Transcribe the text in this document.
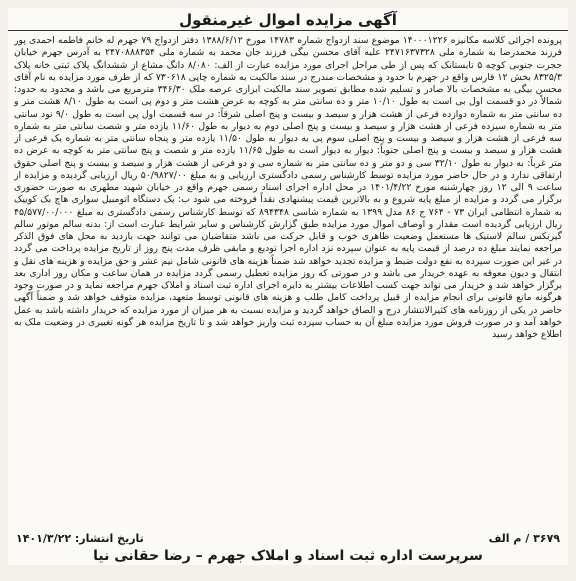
آگهی مزایده اموال غیرمنقول
پرونده اجرائی کلاسه مکانیزه ۱۴۰۰۰۱۲۲۶ موضوع سند ازدواج شماره ۱۴۷۸۳ مورخ ۱۳۸۸/۶/۱۲ دفتر ازدواج ۷۹ جهرم له خانم فاطمه احمدی پور فرزند محمدرضا به شماره ملی ۲۴۷۱۶۳۷۳۲۸ علیه آقای محسن بیگی فرزند جان محمد به شماره ملی ۲۴۷۰۸۸۸۳۵۴ به آدرس جهرم خیابان حجرت جنوبی کوچه ۵ تابستانک که پس از طی مراحل اجرای مورد مزایده عبارت از الف: ۸/۰۸۰ دانگ مشاع از ششدانگ پلاک ثبتی خانه پلاک ۸۳۲۵/۳ بخش ۱۲ فارس واقع در جهرم با حدود و مشخصات مندرج در سند مالکیت به شماره چاپی ۷۳۰۶۱۸ که از طرف مورد مزایده به نام آقای محسن بیگی به مشخصات بالا صادر و تسلیم شده مطابق تصویر سند مالکیت ابرازی عرصه ملک ۳۴۶/۳۰ مترمربع می باشد و محدود به حدود: شمالاً در دو قسمت اول بی است به طول ۱۰/۱۰ متر و ده سانتی متر به کوچه به عرض هشت متر و دوم پی است به طول ۸/۱۰ هشت متر و ده سانتی متر به شماره دوازده فرعی از هشت هزار و سیصد و بیست و پنج اصلی شرقاً: در سه قسمت اول پی است به طول ۹/۰ نود سانتی متر به شماره سیزده فرعی از هشت هزار و سیصد و بیست و پنج اصلی دوم به دیوار به طول ۱۱/۶۰ یازده متر و شصت سانتی متر به شماره سه فرعی از هشت هزار و سیصد و بیست و پنج اصلی سوم پی به دیوار به طول ۱۱/۵۰ یازده متر و پنجاه سانتی متر به شماره یک فرعی از هشت هزار و سیصد و بیست و پنج اصلی جنوباً: دیوار به دیوار است به طول ۱۱/۶۵ یازده متر و شصت و پنج سانتی متر به کوچه به عرض ده متر غرباً: به دیوار به طول ۳۲/۱۰ سی و دو متر و ده سانتی متر به شماره سی و دو فرعی از هشت هزار و سیصد و بیست و پنج اصلی حقوق ارتفاقی ندارد و در حال حاضر مورد مزایده توسط کارشناس رسمی دادگستری ارزیابی و به مبلغ ۵۰/۹۸۲۷/۰۰ ریال ارزیابی گردیده و مزایده از ساعت ۹ الی ۱۲ روز چهارشنبه مورخ ۱۴۰۱/۴/۲۲ در محل اداره اجرای اسناد رسمی جهرم واقع در خیابان شهید مطهری به صورت حضوری برگزار می گردد و مزایده از مبلغ پایه شروع و به بالاترین قیمت پیشنهادی نقداً فروخته می شود ب: یک دستگاه اتومبیل سواری هاچ بک کوییک به شماره انتظامی ایران ۷۳ - ۷۶۴ ج ۸۶ مدل ۱۳۹۹ به شماره شاسی ۸۹۴۳۴۸ که توسط کارشناس رسمی دادگستری به مبلغ ۴۵/۵۷۷/۰۰/۰۰۰ ریال ارزیابی گردیده است مقدار و اوصاف اموال مورد مزایده طبق گزارش کارشناس و سایر شرایط عبارت است از: بدنه سالم موتور سالم گیربکس سالم لاستیک ها مستعمل وضعیت ظاهری خوب و قابل حرکت می باشد متقاضیان می توانند جهت بازدید به محل های فوق الذکر مراجعه نمایند مبلغ ده درصد از قیمت پایه به عنوان سپرده نزد اداره اجرا تودیع و مابقی ظرف مدت پنج روز از تاریخ مزایده پرداخت می گردد در غیر این صورت سپرده به نفع دولت ضبط و مزایده تجدید خواهد شد ضمناً هزینه های قانونی شامل نیم عشر و حق مزایده و هزینه های نقل و انتقال و دیون معوقه به عهده خریدار می باشد و در صورتی که روز مزایده تعطیل رسمی گردد مزایده در همان ساعت و مکان روز اداری بعد برگزار خواهد شد و خریدار می تواند جهت کسب اطلاعات بیشتر به دایره اجرای اداره ثبت اسناد و املاک جهرم مراجعه نماید و در صورت وجود هرگونه مانع قانونی برای انجام مزایده از قبیل پرداخت کامل طلب و هزینه های قانونی توسط متعهد، مزایده متوقف خواهد شد و ضمناً آگهی حاضر در یکی از روزنامه های کثیرالانتشار درج و الصاق خواهد گردید و مزایده نسبت به هر میزان از مورد مزایده که خریدار داشته باشد به عمل خواهد آمد و در صورت فروش مورد مزایده مبلغ آن به حساب سپرده ثبت واریز خواهد شد و تا تاریخ مزایده هر گونه تغییری در وضعیت ملک به اطلاع خواهد رسید
تاریخ انتشار: ۱۴۰۱/۳/۲۲	۳۶۷۹ / م الف
سرپرست اداره ثبت اسناد و املاک جهرم – رضا حقانی نیا
